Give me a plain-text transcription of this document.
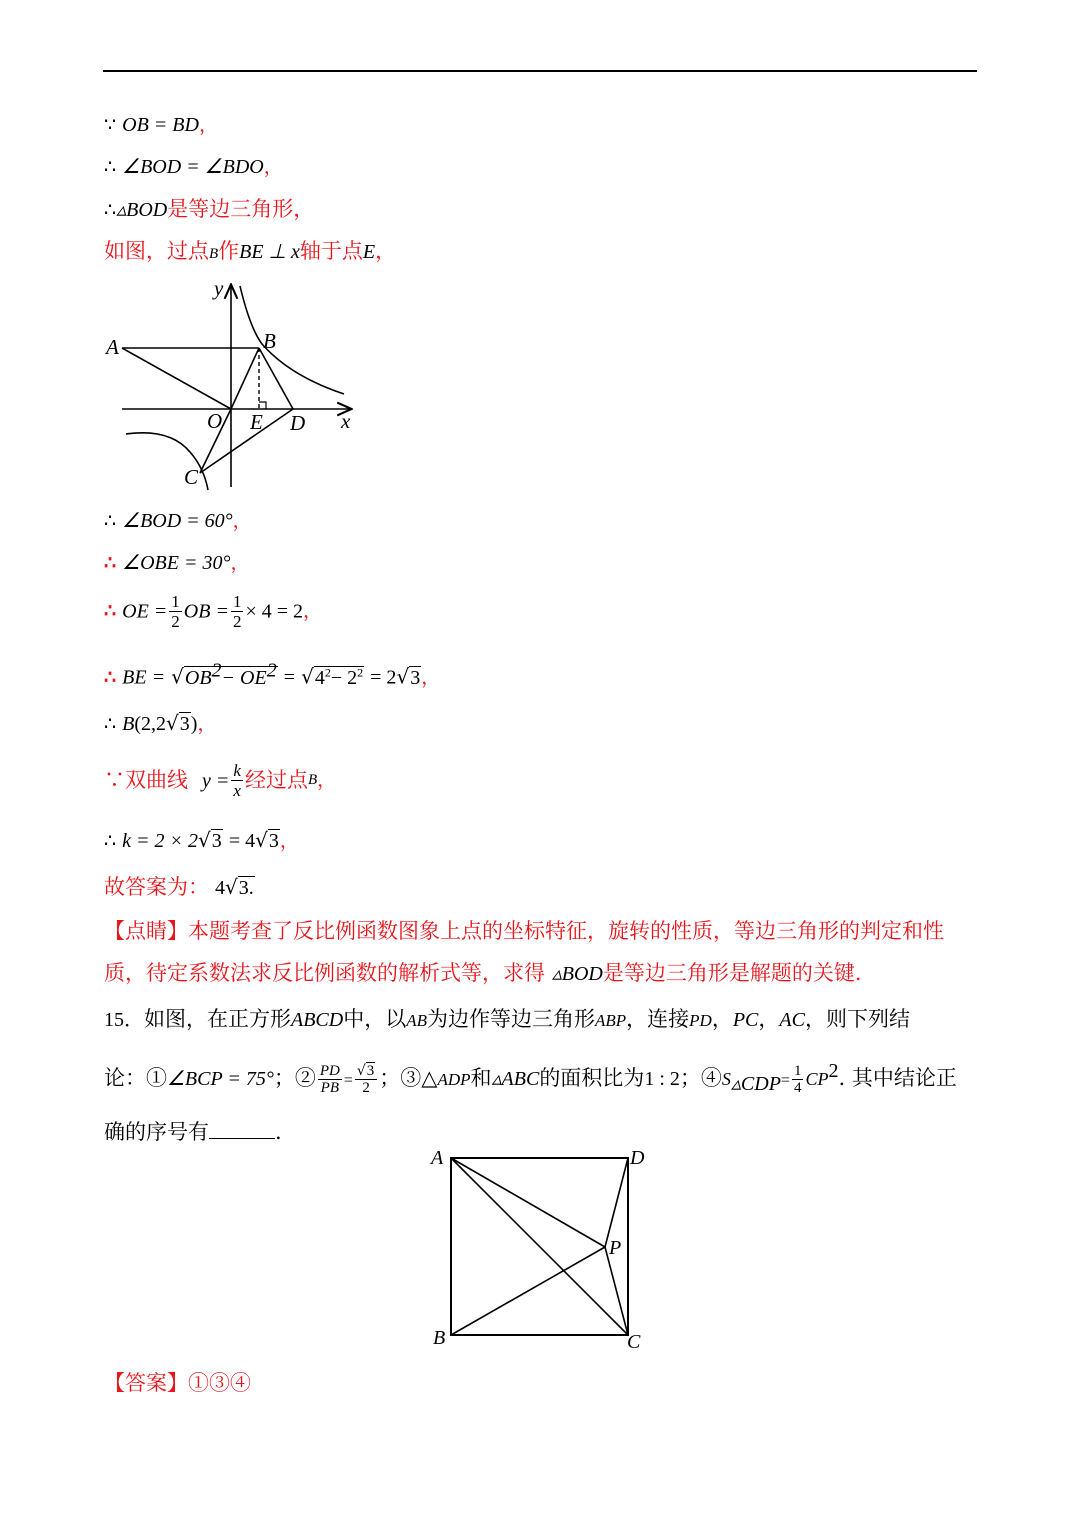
∵ OB = BD，
∴ ∠BOD = ∠BDO，
∴▵BOD是等边三角形，
如图，过点B作BE ⊥ x轴于点E，
y
A	B
O E D x
C
∴ ∠BOD = 60°，
∴ ∠OBE = 30°，
∴ OE = $\frac{1}{2}$ OB = $\frac{1}{2} \times 4 = 2$，
∴ BE = $√OB^2- OE^2 = √4^2- 2^2 = 2√3$，
∴ B(2,2√3)，
∵双曲线 $y = \frac{k}{x}$ 经过点B，
∴ k = 2 × 2√3 = 4√3，
故答案为： 4√3.
【点睛】本题考查了反比例函数图象上点的坐标特征，旋转的性质，等边三角形的判定和性
质，待定系数法求反比例函数的解析式等，求得 ▵BOD是等边三角形是解题的关键.
15．如图，在正方形ABCD中，以AB为边作等边三角形ABP，连接PD，PC，AC，则下列结
论：①∠BCP = 75°；② $\frac{PD}{PB} = \frac{√3}{2}$ ；③△ADP和▵ABC的面积比为1 : 2；$④S_{▵CDP}= \frac{1}{4} CP^2$. 其中结论正
确的序号有	.
A	D
P
B	C
【答案】①③④
